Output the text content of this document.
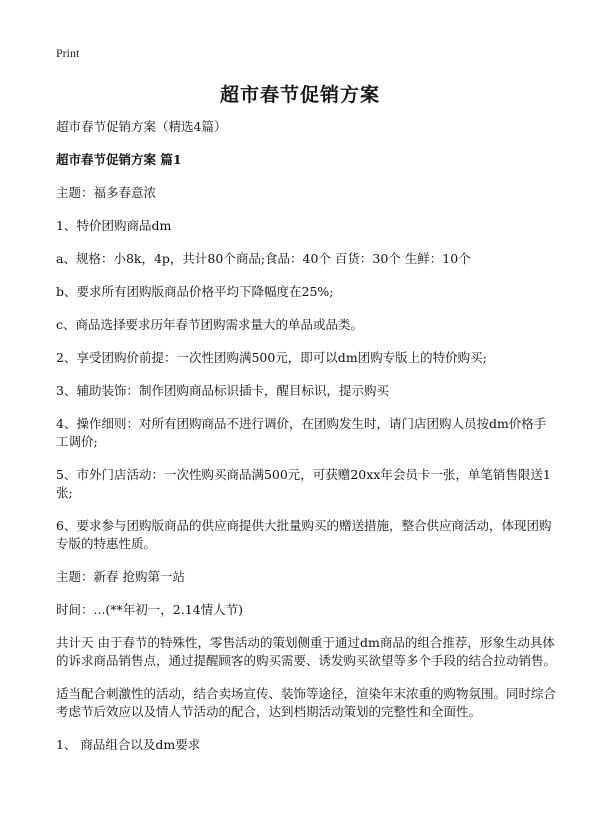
Print
超市春节促销方案

超市春节促销方案（精选4篇）

超市春节促销方案 篇1

主题：福多春意浓

1、特价团购商品dm

a、规格：小8k，4p，共计80个商品;食品：40个 百货：30个 生鲜：10个

b、要求所有团购版商品价格平均下降幅度在25%;

c、商品选择要求历年春节团购需求量大的单品或品类。

2、享受团购价前提：一次性团购满500元，即可以dm团购专版上的特价购买;

3、辅助装饰：制作团购商品标识插卡，醒目标识，提示购买

4、操作细则：对所有团购商品不进行调价，在团购发生时，请门店团购人员按dm价格手工调价;

5、市外门店活动：一次性购买商品满500元，可获赠20xx年会员卡一张，单笔销售限送1张;

6、要求参与团购版商品的供应商提供大批量购买的赠送措施，整合供应商活动，体现团购专版的特惠性质。

主题：新春 抢购第一站

时间：...(**年初一，2.14情人节)

共计天 由于春节的特殊性，零售活动的策划侧重于通过dm商品的组合推荐，形象生动具体的诉求商品销售点，通过提醒顾客的购买需要、诱发购买欲望等多个手段的结合拉动销售。

适当配合刺激性的活动，结合卖场宣传、装饰等途径，渲染年末浓重的购物氛围。同时综合考虑节后效应以及情人节活动的配合，达到档期活动策划的完整性和全面性。

1、 商品组合以及dm要求
